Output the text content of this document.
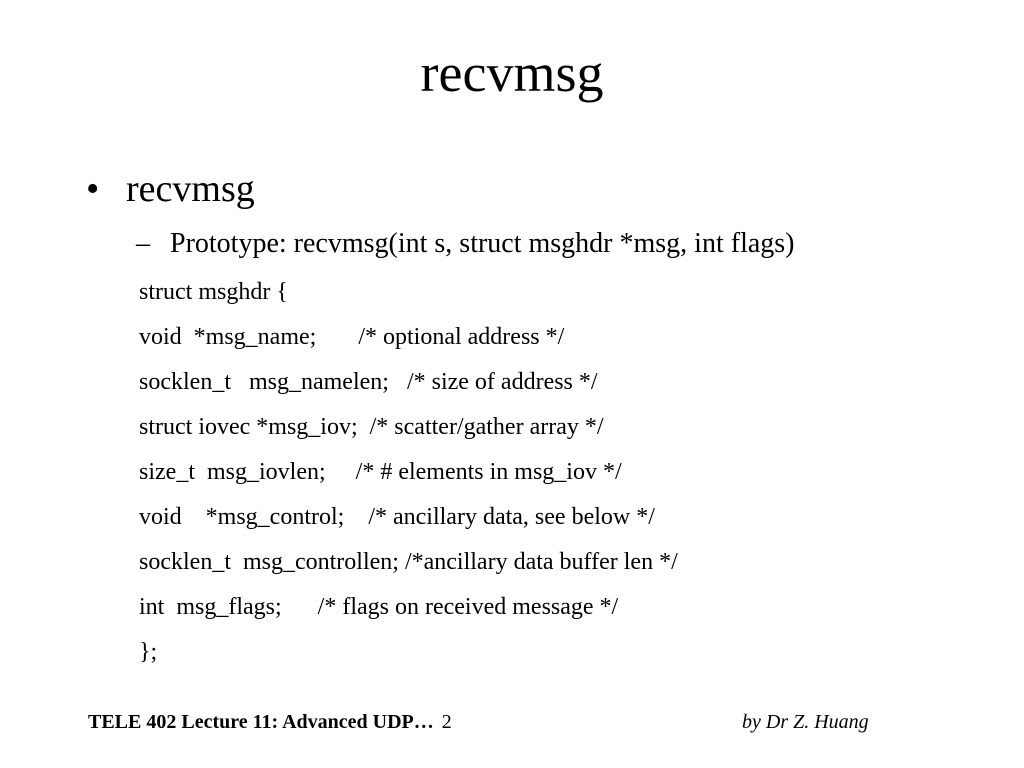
recvmsg
• recvmsg
– Prototype: recvmsg(int s, struct msghdr *msg, int flags)
struct msghdr {
void  *msg_name;       /* optional address */
socklen_t   msg_namelen;   /* size of address */
struct iovec *msg_iov;  /* scatter/gather array */
size_t  msg_iovlen;     /* # elements in msg_iov */
void    *msg_control;    /* ancillary data, see below */
socklen_t  msg_controllen; /*ancillary data buffer len */
int  msg_flags;      /* flags on received message */
};
TELE 402 Lecture 11: Advanced UDP… 2	by Dr Z. Huang
